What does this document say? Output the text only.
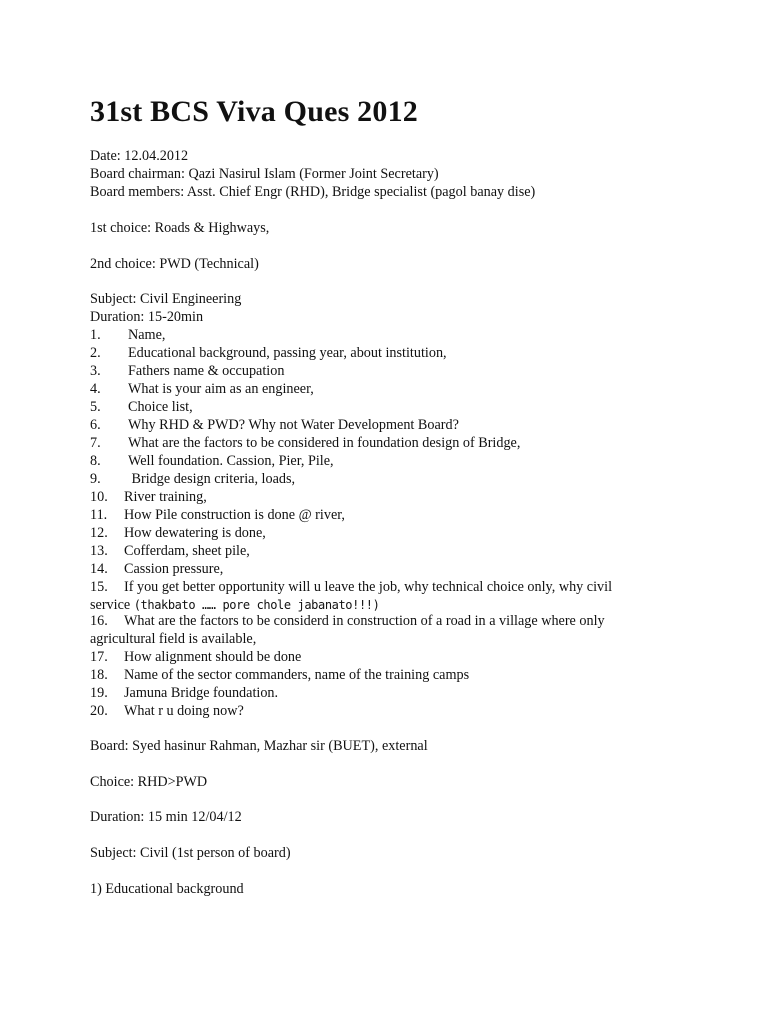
31st BCS Viva Ques 2012
Date: 12.04.2012
Board chairman: Qazi Nasirul Islam (Former Joint Secretary)
Board members: Asst. Chief Engr (RHD), Bridge specialist (pagol banay dise)
1st choice: Roads & Highways,
2nd choice: PWD (Technical)
Subject: Civil Engineering
Duration: 15-20min
1. Name,
2. Educational background, passing year, about institution,
3. Fathers name & occupation
4. What is your aim as an engineer,
5. Choice list,
6. Why RHD & PWD? Why not Water Development Board?
7. What are the factors to be considered in foundation design of Bridge,
8. Well foundation. Cassion, Pier, Pile,
9. Bridge design criteria, loads,
10. River training,
11. How Pile construction is done @ river,
12. How dewatering is done,
13. Cofferdam, sheet pile,
14. Cassion pressure,
15. If you get better opportunity will u leave the job, why technical choice only, why civil
service (thakbato …… pore chole jabanato!!!)
16. What are the factors to be considerd in construction of a road in a village where only
agricultural field is available,
17. How alignment should be done
18. Name of the sector commanders, name of the training camps
19. Jamuna Bridge foundation.
20. What r u doing now?
Board: Syed hasinur Rahman, Mazhar sir (BUET), external
Choice: RHD>PWD
Duration: 15 min 12/04/12
Subject: Civil (1st person of board)
1) Educational background
